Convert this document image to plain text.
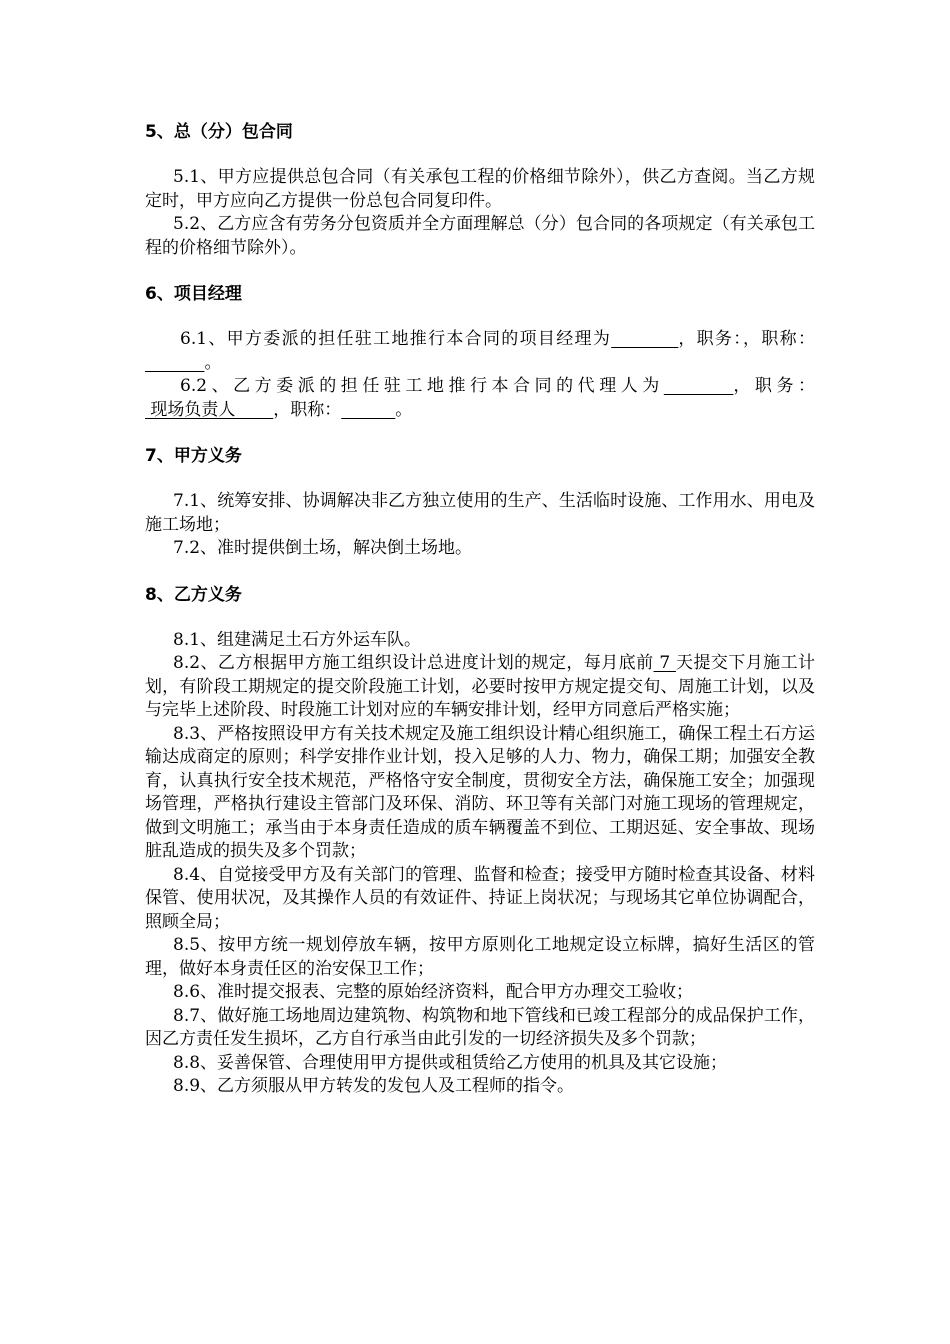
5、总（分）包合同

5.1、甲方应提供总包合同（有关承包工程的价格细节除外），供乙方查阅。当乙方规定时，甲方应向乙方提供一份总包合同复印件。

5.2、乙方应含有劳务分包资质并全方面理解总（分）包合同的各项规定（有关承包工程的价格细节除外）。

6、项目经理

6.1、甲方委派的担任驻工地推行本合同的项目经理为	，职务：，职称：           。

6.2、乙方委派的担任驻工地推行本合同的代理人为	，职务： 现场负责人       ，职称：	。

7、甲方义务

7.1、统筹安排、协调解决非乙方独立使用的生产、生活临时设施、工作用水、用电及施工场地；

7.2、准时提供倒土场，解决倒土场地。

8、乙方义务

8.1、组建满足土石方外运车队。

8.2、乙方根据甲方施工组织设计总进度计划的规定，每月底前 7 天提交下月施工计划，有阶段工期规定的提交阶段施工计划，必要时按甲方规定提交旬、周施工计划，以及与完毕上述阶段、时段施工计划对应的车辆安排计划，经甲方同意后严格实施；

8.3、严格按照设甲方有关技术规定及施工组织设计精心组织施工，确保工程土石方运输达成商定的原则；科学安排作业计划，投入足够的人力、物力，确保工期；加强安全教育，认真执行安全技术规范，严格恪守安全制度，贯彻安全方法，确保施工安全；加强现场管理，严格执行建设主管部门及环保、消防、环卫等有关部门对施工现场的管理规定，做到文明施工；承当由于本身责任造成的质车辆覆盖不到位、工期迟延、安全事故、现场脏乱造成的损失及多个罚款；

8.4、自觉接受甲方及有关部门的管理、监督和检查；接受甲方随时检查其设备、材料保管、使用状况，及其操作人员的有效证件、持证上岗状况；与现场其它单位协调配合，照顾全局；

8.5、按甲方统一规划停放车辆，按甲方原则化工地规定设立标牌，搞好生活区的管理，做好本身责任区的治安保卫工作；

8.6、准时提交报表、完整的原始经济资料，配合甲方办理交工验收；

8.7、做好施工场地周边建筑物、构筑物和地下管线和已竣工程部分的成品保护工作，因乙方责任发生损坏，乙方自行承当由此引发的一切经济损失及多个罚款；

8.8、妥善保管、合理使用甲方提供或租赁给乙方使用的机具及其它设施；

8.9、乙方须服从甲方转发的发包人及工程师的指令。
